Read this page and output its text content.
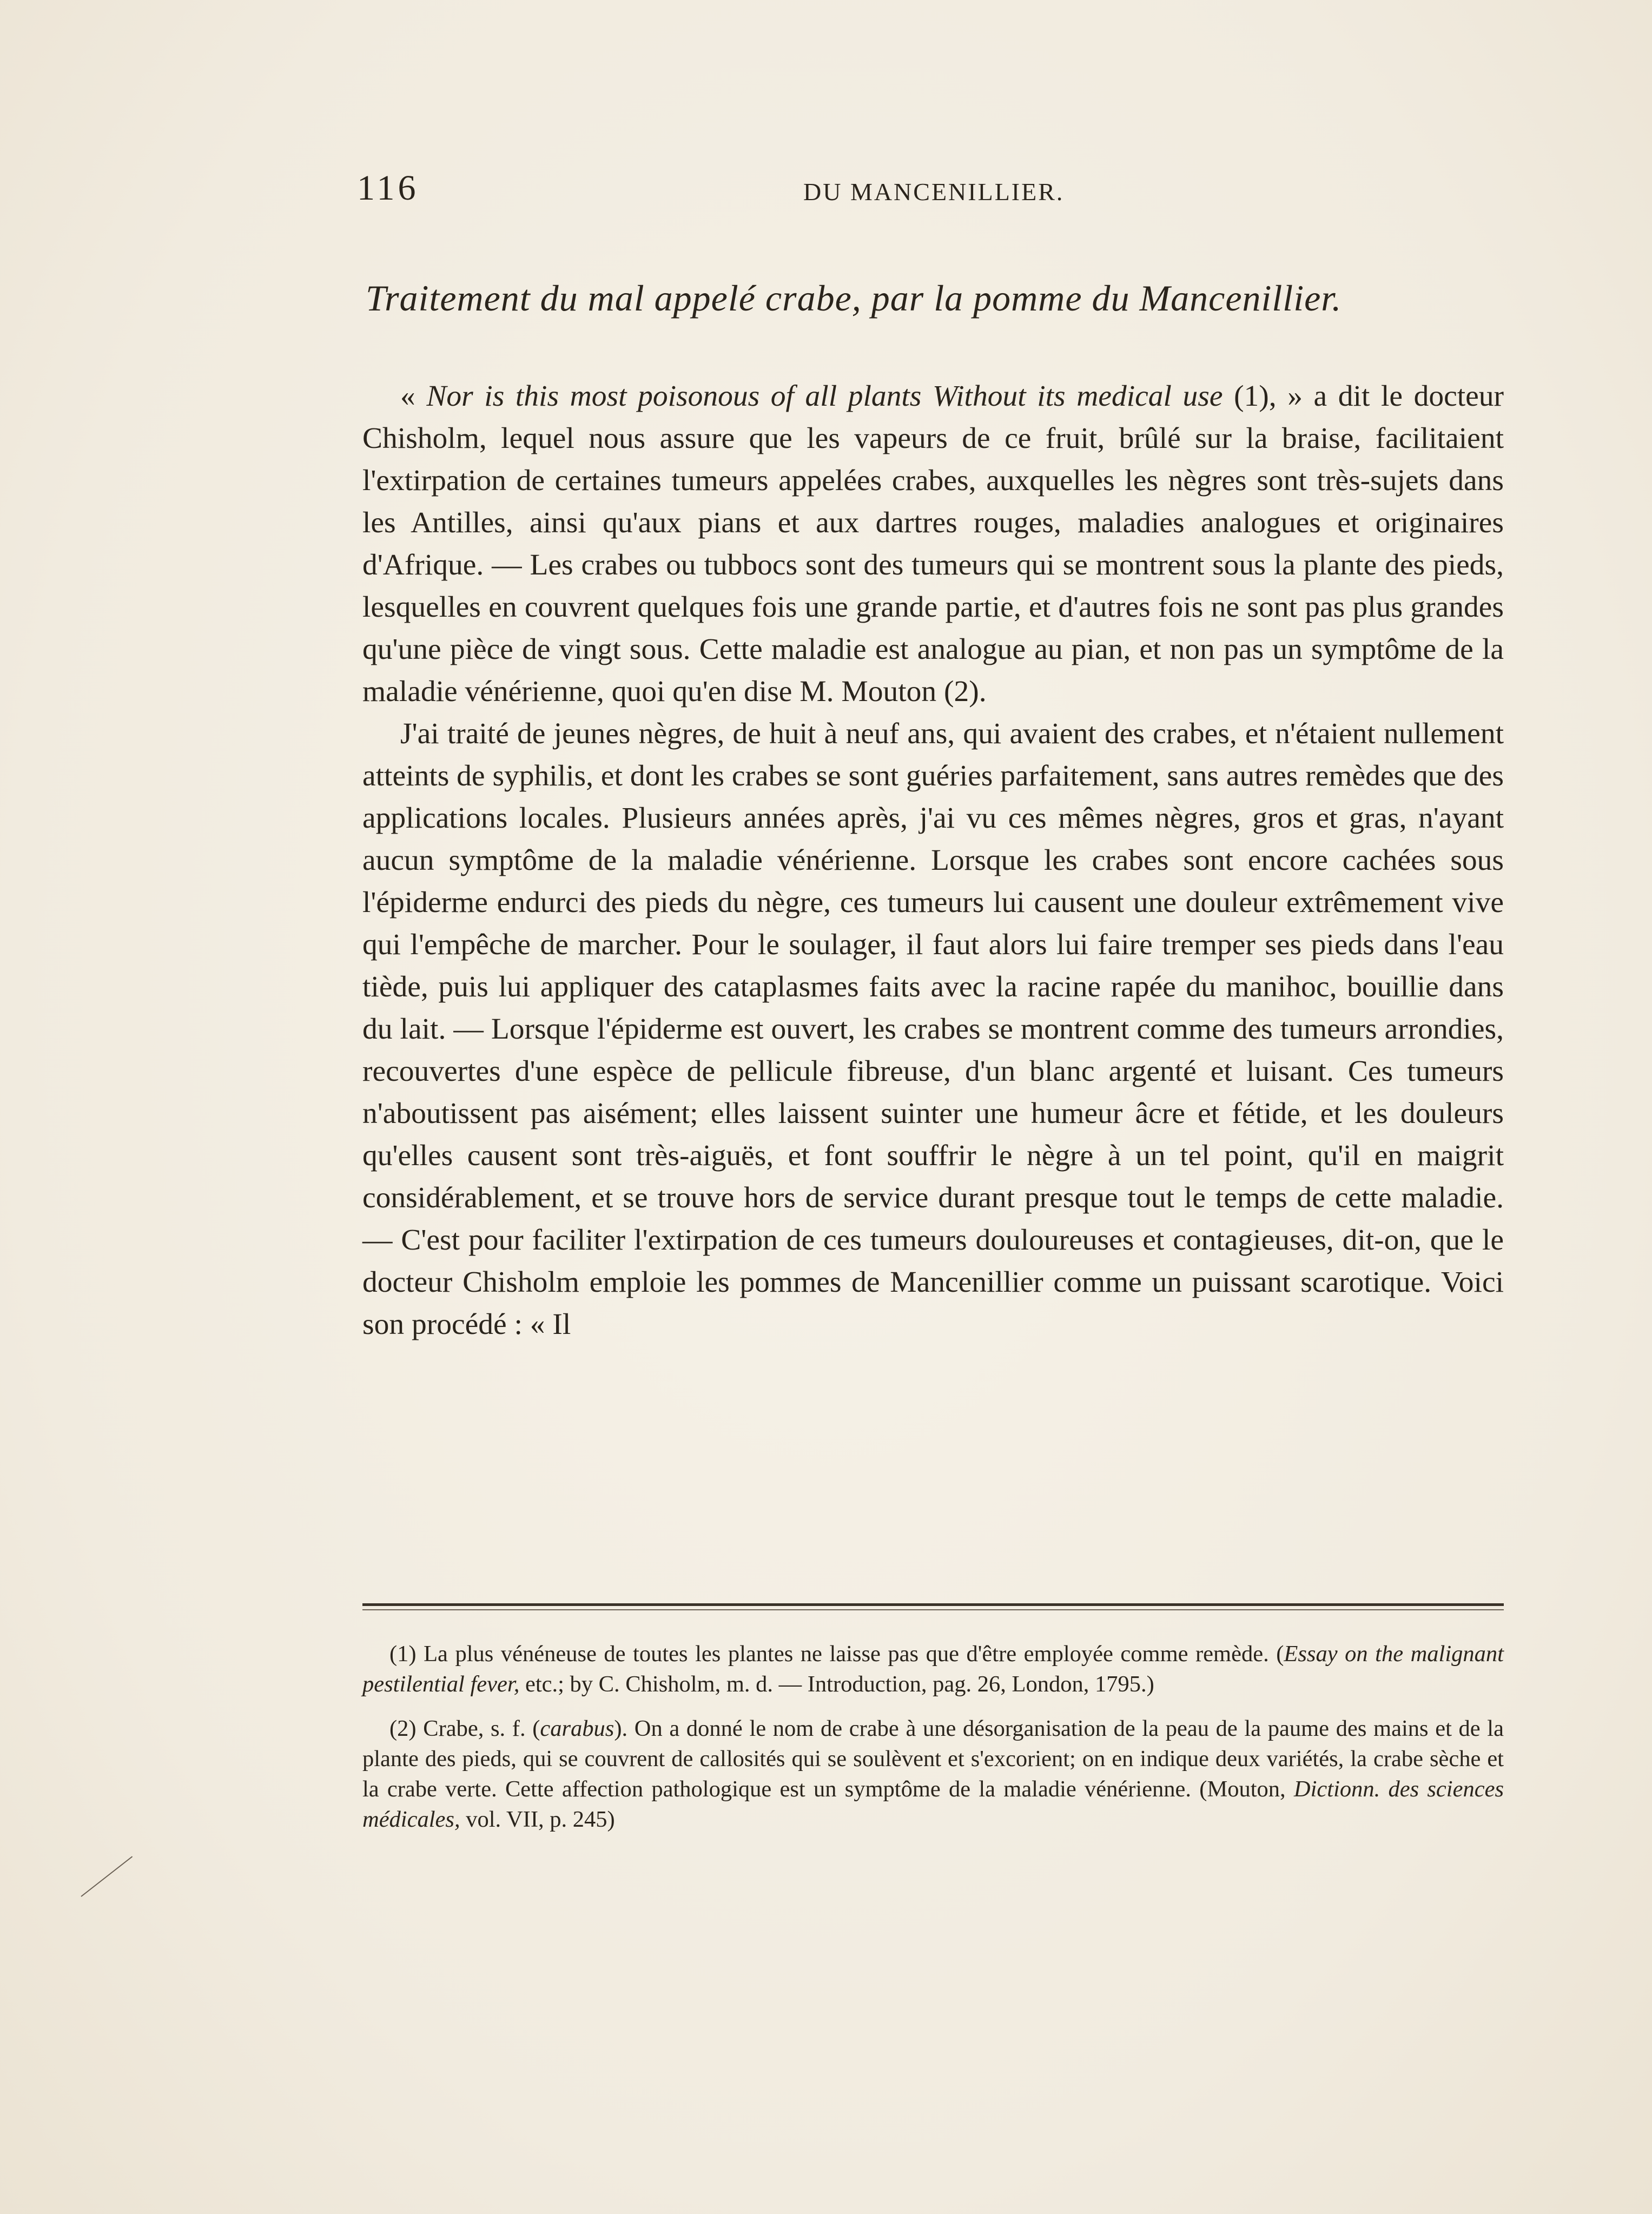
116	DU MANCENILLIER.
Traitement du mal appelé crabe, par la pomme du Mancenillier.

« Nor is this most poisonous of all plants Without its medical use (1), » a dit le docteur Chisholm, lequel nous assure que les vapeurs de ce fruit, brûlé sur la braise, facilitaient l'extirpation de certaines tumeurs appelées crabes, auxquelles les nègres sont très-sujets dans les Antilles, ainsi qu'aux pians et aux dartres rouges, maladies analogues et originaires d'Afrique. — Les crabes ou tubbocs sont des tumeurs qui se montrent sous la plante des pieds, lesquelles en couvrent quelques fois une grande partie, et d'autres fois ne sont pas plus grandes qu'une pièce de vingt sous. Cette maladie est analogue au pian, et non pas un symptôme de la maladie vénérienne, quoi qu'en dise M. Mouton (2).

J'ai traité de jeunes nègres, de huit à neuf ans, qui avaient des crabes, et n'étaient nullement atteints de syphilis, et dont les crabes se sont guéries parfaitement, sans autres remèdes que des applications locales. Plusieurs années après, j'ai vu ces mêmes nègres, gros et gras, n'ayant aucun symptôme de la maladie vénérienne. Lorsque les crabes sont encore cachées sous l'épiderme endurci des pieds du nègre, ces tumeurs lui causent une douleur extrêmement vive qui l'empêche de marcher. Pour le soulager, il faut alors lui faire tremper ses pieds dans l'eau tiède, puis lui appliquer des cataplasmes faits avec la racine rapée du manihoc, bouillie dans du lait. — Lorsque l'épiderme est ouvert, les crabes se montrent comme des tumeurs arrondies, recouvertes d'une espèce de pellicule fibreuse, d'un blanc argenté et luisant. Ces tumeurs n'aboutissent pas aisément; elles laissent suinter une humeur âcre et fétide, et les douleurs qu'elles causent sont très-aiguës, et font souffrir le nègre à un tel point, qu'il en maigrit considérablement, et se trouve hors de service durant presque tout le temps de cette maladie. — C'est pour faciliter l'extirpation de ces tumeurs douloureuses et contagieuses, dit-on, que le docteur Chisholm emploie les pommes de Mancenillier comme un puissant scarotique. Voici son procédé : « Il

(1) La plus vénéneuse de toutes les plantes ne laisse pas que d'être employée comme remède. (Essay on the malignant pestilential fever, etc.; by C. Chisholm, m. d. — Introduction, pag. 26, London, 1795.)

(2) Crabe, s. f. (carabus). On a donné le nom de crabe à une désorganisation de la peau de la paume des mains et de la plante des pieds, qui se couvrent de callosités qui se soulèvent et s'excorient; on en indique deux variétés, la crabe sèche et la crabe verte. Cette affection pathologique est un symptôme de la maladie vénérienne. (Mouton, Dictionn. des sciences médicales, vol. VII, p. 245)
